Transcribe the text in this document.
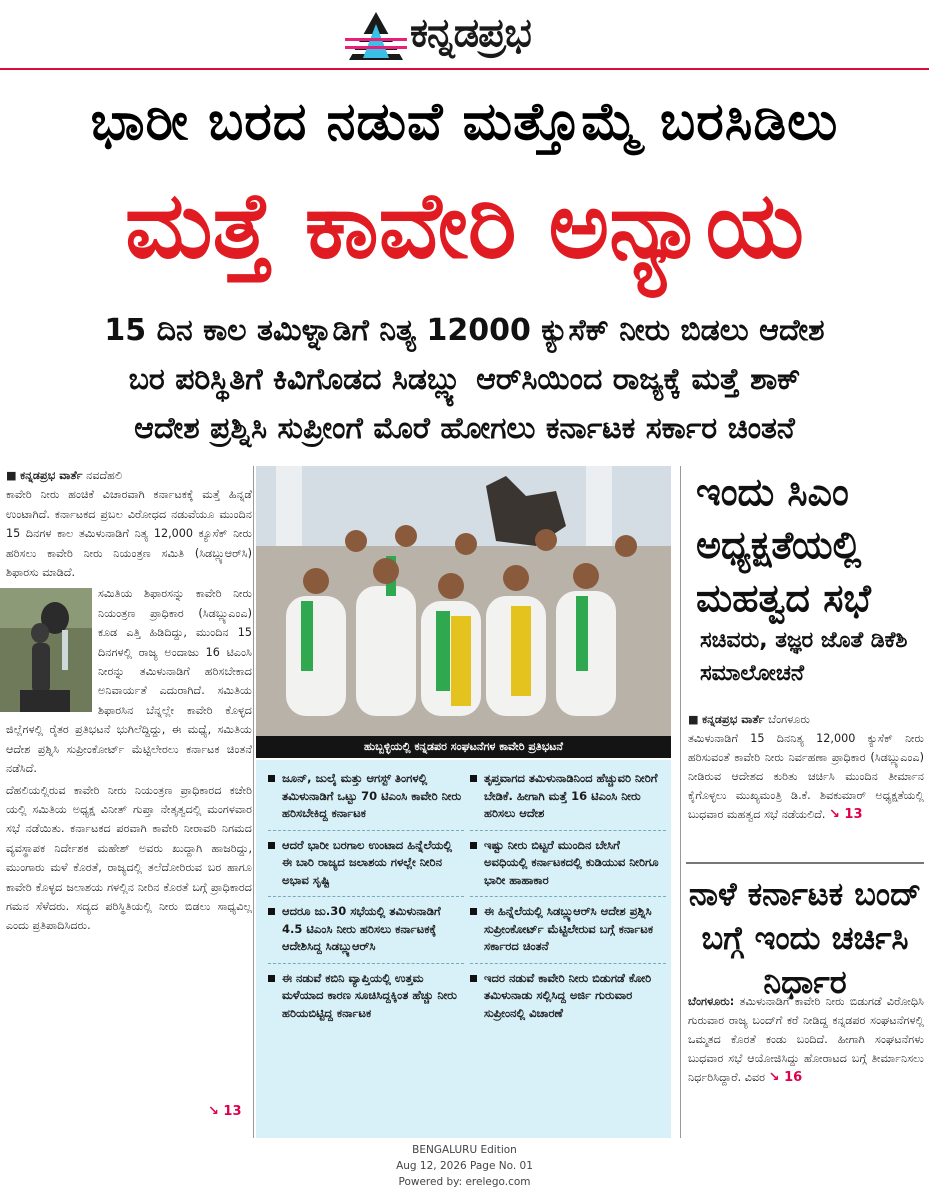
ಕನ್ನಡಪ್ರಭ
ಭಾರೀ ಬರದ ನಡುವೆ ಮತ್ತೊಮ್ಮೆ ಬರಸಿಡಿಲು
ಮತ್ತೆ ಕಾವೇರಿ ಅನ್ಯಾಯ
15 ದಿನ ಕಾಲ ತಮಿಳ್ನಾಡಿಗೆ ನಿತ್ಯ 12000 ಕ್ಯುಸೆಕ್ ನೀರು ಬಿಡಲು ಆದೇಶ
ಬರ ಪರಿಸ್ಥಿತಿಗೆ ಕಿವಿಗೊಡದ ಸಿಡಬ್ಲ್ಯು ಆರ್‌ಸಿಯಿಂದ ರಾಜ್ಯಕ್ಕೆ ಮತ್ತೆ ಶಾಕ್
ಆದೇಶ ಪ್ರಶ್ನಿಸಿ ಸುಪ್ರೀಂಗೆ ಮೊರೆ ಹೋಗಲು ಕರ್ನಾಟಕ ಸರ್ಕಾರ ಚಿಂತನೆ
■ ಕನ್ನಡಪ್ರಭ ವಾರ್ತೆ ನವದೆಹಲಿ
ಕಾವೇರಿ ನೀರು ಹಂಚಿಕೆ ವಿಚಾರವಾಗಿ ಕರ್ನಾಟಕಕ್ಕೆ ಮತ್ತೆ ಹಿನ್ನಡೆ ಉಂಟಾಗಿದೆ. ಕರ್ನಾಟಕದ ಪ್ರಬಲ ವಿರೋಧದ ನಡುವೆಯೂ ಮುಂದಿನ 15 ದಿನಗಳ ಕಾಲ ತಮಿಳುನಾಡಿಗೆ ನಿತ್ಯ 12,000 ಕ್ಯೂಸೆಕ್ ನೀರು ಹರಿಸಲು ಕಾವೇರಿ ನೀರು ನಿಯಂತ್ರಣ ಸಮಿತಿ (ಸಿಡಬ್ಲ್ಯುಆರ್‌ಸಿ) ಶಿಫಾರಸು ಮಾಡಿದೆ.
ಸಮಿತಿಯ ಶಿಫಾರಸನ್ನು ಕಾವೇರಿ ನೀರು ನಿಯಂತ್ರಣ ಪ್ರಾಧಿಕಾರ (ಸಿಡಬ್ಲ್ಯುಎಂಎ) ಕೂಡ ಎತ್ತಿ ಹಿಡಿದಿದ್ದು, ಮುಂದಿನ 15 ದಿನಗಳಲ್ಲಿ ರಾಜ್ಯ ಅಂದಾಜು 16 ಟಿಎಂಸಿ ನೀರನ್ನು ತಮಿಳುನಾಡಿಗೆ ಹರಿಸಬೇಕಾದ ಅನಿವಾರ್ಯತೆ ಎದುರಾಗಿದೆ. ಸಮಿತಿಯ ಶಿಫಾರಸಿನ ಬೆನ್ನಲ್ಲೇ ಕಾವೇರಿ ಕೊಳ್ಳದ ಜಿಲ್ಲೆಗಳಲ್ಲಿ ರೈತರ ಪ್ರತಿಭಟನೆ ಭುಗಿಲೆದ್ದಿದ್ದು, ಈ ಮಧ್ಯೆ, ಸಮಿತಿಯ ಆದೇಶ ಪ್ರಶ್ನಿಸಿ ಸುಪ್ರೀಂಕೋರ್ಟ್ ಮೆಟ್ಟಿಲೇರಲು ಕರ್ನಾಟಕ ಚಿಂತನೆ ನಡೆಸಿದೆ.
ದೆಹಲಿಯಲ್ಲಿರುವ ಕಾವೇರಿ ನೀರು ನಿಯಂತ್ರಣ ಪ್ರಾಧಿಕಾರದ ಕಚೇರಿ ಯಲ್ಲಿ ಸಮಿತಿಯ ಅಧ್ಯಕ್ಷ ವಿನೀತ್ ಗುಪ್ತಾ ನೇತೃತ್ವದಲ್ಲಿ ಮಂಗಳವಾರ ಸಭೆ ನಡೆಯಿತು. ಕರ್ನಾಟಕದ ಪರವಾಗಿ ಕಾವೇರಿ ನೀರಾವರಿ ನಿಗಮದ ವ್ಯವಸ್ಥಾಪಕ ನಿರ್ದೇಶಕ ಮಹೇಶ್ ಅವರು ಖುದ್ದಾಗಿ ಹಾಜರಿದ್ದು, ಮುಂಗಾರು ಮಳೆ ಕೊರತೆ, ರಾಜ್ಯದಲ್ಲಿ ತಲೆದೋರಿರುವ ಬರ ಹಾಗೂ ಕಾವೇರಿ ಕೊಳ್ಳದ ಜಲಾಶಯ ಗಳಲ್ಲಿನ ನೀರಿನ ಕೊರತೆ ಬಗ್ಗೆ ಪ್ರಾಧಿಕಾರದ ಗಮನ ಸೆಳೆದರು. ಸದ್ಯದ ಪರಿಸ್ಥಿತಿಯಲ್ಲಿ ನೀರು ಬಿಡಲು ಸಾಧ್ಯವಿಲ್ಲ ಎಂದು ಪ್ರತಿಪಾದಿಸಿದರು.
↘ 13
ಹುಬ್ಬಳ್ಳಿಯಲ್ಲಿ ಕನ್ನಡಪರ ಸಂಘಟನೆಗಳ ಕಾವೇರಿ ಪ್ರತಿಭಟನೆ
ಜೂನ್, ಜುಲೈ ಮತ್ತು ಆಗಸ್ಟ್ ತಿಂಗಳಲ್ಲಿ ತಮಿಳುನಾಡಿಗೆ ಒಟ್ಟು 70 ಟಿಎಂಸಿ ಕಾವೇರಿ ನೀರು ಹರಿಸಬೇಕಿದ್ದ ಕರ್ನಾಟಕ
ಆದರೆ ಭಾರೀ ಬರಗಾಲ ಉಂಟಾದ ಹಿನ್ನೆಲೆಯಲ್ಲಿ ಈ ಬಾರಿ ರಾಜ್ಯದ ಜಲಾಶಯ ಗಳಲ್ಲೇ ನೀರಿನ ಅಭಾವ ಸೃಷ್ಟಿ
ಆದರೂ ಜು.30 ಸಭೆಯಲ್ಲಿ ತಮಿಳುನಾಡಿಗೆ 4.5 ಟಿಎಂಸಿ ನೀರು ಹರಿಸಲು ಕರ್ನಾಟಕಕ್ಕೆ ಆದೇಶಿಸಿದ್ದ ಸಿಡಬ್ಲ್ಯುಆರ್‌ಸಿ
ಈ ನಡುವೆ ಕಬಿನಿ ವ್ಯಾಪ್ತಿಯಲ್ಲಿ ಉತ್ತಮ ಮಳೆಯಾದ ಕಾರಣ ಸೂಚಿಸಿದ್ದಕ್ಕಿಂತ ಹೆಚ್ಚು ನೀರು ಹರಿಯಬಿಟ್ಟಿದ್ದ ಕರ್ನಾಟಕ
ತೃಪ್ತವಾಗದ ತಮಿಳುನಾಡಿನಿಂದ ಹೆಚ್ಚುವರಿ ನೀರಿಗೆ ಬೇಡಿಕೆ. ಹೀಗಾಗಿ ಮತ್ತೆ 16 ಟಿಎಂಸಿ ನೀರು ಹರಿಸಲು ಆದೇಶ
ಇಷ್ಟು ನೀರು ಬಿಟ್ಟರೆ ಮುಂದಿನ ಬೇಸಿಗೆ ಅವಧಿಯಲ್ಲಿ ಕರ್ನಾಟಕದಲ್ಲಿ ಕುಡಿಯುವ ನೀರಿಗೂ ಭಾರೀ ಹಾಹಾಕಾರ
ಈ ಹಿನ್ನೆಲೆಯಲ್ಲಿ ಸಿಡಬ್ಲ್ಯುಆರ್‌ಸಿ ಆದೇಶ ಪ್ರಶ್ನಿಸಿ ಸುಪ್ರೀಂಕೋರ್ಟ್ ಮೆಟ್ಟಿಲೇರುವ ಬಗ್ಗೆ ಕರ್ನಾಟಕ ಸರ್ಕಾರದ ಚಿಂತನೆ
ಇದರ ನಡುವೆ ಕಾವೇರಿ ನೀರು ಬಿಡುಗಡೆ ಕೋರಿ ತಮಿಳುನಾಡು ಸಲ್ಲಿಸಿದ್ದ ಅರ್ಜಿ ಗುರುವಾರ ಸುಪ್ರೀಂನಲ್ಲಿ ವಿಚಾರಣೆ
ಇಂದು ಸಿಎಂ ಅಧ್ಯಕ್ಷತೆಯಲ್ಲಿ ಮಹತ್ವದ ಸಭೆ
ಸಚಿವರು, ತಜ್ಞರ ಜೊತೆ ಡಿಕೆಶಿ ಸಮಾಲೋಚನೆ
■ ಕನ್ನಡಪ್ರಭ ವಾರ್ತೆ ಬೆಂಗಳೂರು
ತಮಿಳುನಾಡಿಗೆ 15 ದಿನನಿತ್ಯ 12,000 ಕ್ಯುಸೆಕ್ ನೀರು ಹರಿಸುವಂತೆ ಕಾವೇರಿ ನೀರು ನಿರ್ವಹಣಾ ಪ್ರಾಧಿಕಾರ (ಸಿಡಬ್ಲ್ಯುಎಂಎ) ನೀಡಿರುವ ಆದೇಶದ ಕುರಿತು ಚರ್ಚಿಸಿ ಮುಂದಿನ ತೀರ್ಮಾನ ಕೈಗೊಳ್ಳಲು ಮುಖ್ಯಮಂತ್ರಿ ಡಿ.ಕೆ. ಶಿವಕುಮಾರ್ ಅಧ್ಯಕ್ಷತೆಯಲ್ಲಿ ಬುಧವಾರ ಮಹತ್ವದ ಸಭೆ ನಡೆಯಲಿದೆ. ↘ 13
ನಾಳೆ ಕರ್ನಾಟಕ ಬಂದ್ ಬಗ್ಗೆ ಇಂದು ಚರ್ಚಿಸಿ ನಿರ್ಧಾರ
ಬೆಂಗಳೂರು: ತಮಿಳುನಾಡಿಗೆ ಕಾವೇರಿ ನೀರು ಬಿಡುಗಡೆ ವಿರೋಧಿಸಿ ಗುರುವಾರ ರಾಜ್ಯ ಬಂದ್‌ಗೆ ಕರೆ ನೀಡಿದ್ದ ಕನ್ನಡಪರ ಸಂಘಟನೆಗಳಲ್ಲಿ ಒಮ್ಮತದ ಕೊರತೆ ಕಂಡು ಬಂದಿದೆ. ಹೀಗಾಗಿ ಸಂಘಟನೆಗಳು ಬುಧವಾರ ಸಭೆ ಆಯೋಜಿಸಿದ್ದು ಹೋರಾಟದ ಬಗ್ಗೆ ತೀರ್ಮಾನಿಸಲು ನಿರ್ಧರಿಸಿದ್ದಾರೆ. ವಿವರ ↘ 16
BENGALURU Edition
Aug 12, 2026 Page No. 01
Powered by: erelego.com
